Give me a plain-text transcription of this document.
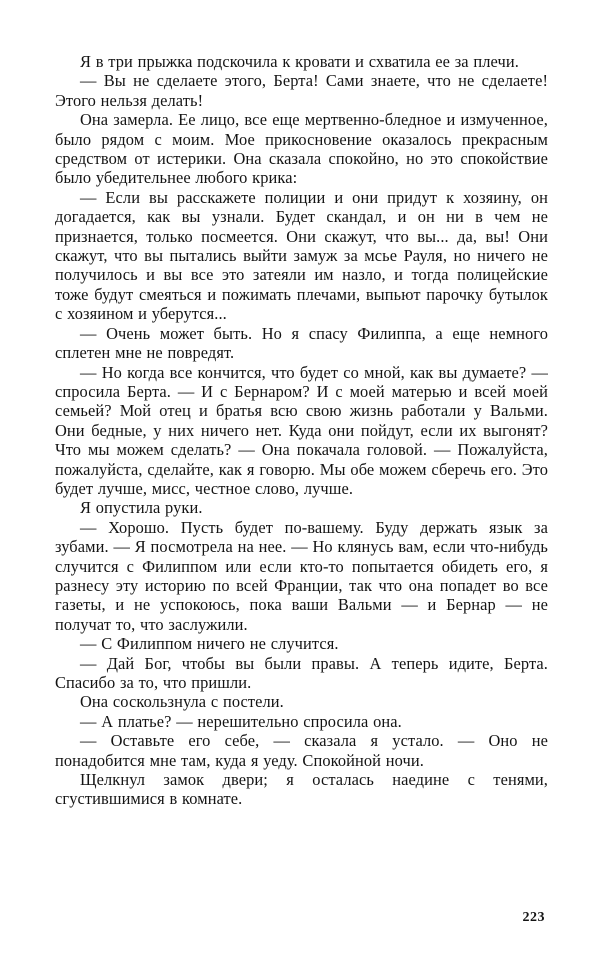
Я в три прыжка подскочила к кровати и схватила ее за плечи.

— Вы не сделаете этого, Берта! Сами знаете, что не сделаете! Этого нельзя делать!

Она замерла. Ее лицо, все еще мертвенно-бледное и измученное, было рядом с моим. Мое прикосновение оказалось прекрасным средством от истерики. Она сказала спокойно, но это спокойствие было убедительнее любого крика:

— Если вы расскажете полиции и они придут к хозяину, он догадается, как вы узнали. Будет скандал, и он ни в чем не признается, только посмеется. Они скажут, что вы... да, вы! Они скажут, что вы пытались выйти замуж за мсье Рауля, но ничего не получилось и вы все это затеяли им назло, и тогда полицейские тоже будут смеяться и пожимать плечами, выпьют парочку бутылок с хозяином и уберутся...

— Очень может быть. Но я спасу Филиппа, а еще немного сплетен мне не повредят.

— Но когда все кончится, что будет со мной, как вы думаете? — спросила Берта. — И с Бернаром? И с моей матерью и всей моей семьей? Мой отец и братья всю свою жизнь работали у Вальми. Они бедные, у них ничего нет. Куда они пойдут, если их выгонят? Что мы можем сделать? — Она покачала головой. — Пожалуйста, пожалуйста, сделайте, как я говорю. Мы обе можем сберечь его. Это будет лучше, мисс, честное слово, лучше.

Я опустила руки.

— Хорошо. Пусть будет по-вашему. Буду держать язык за зубами. — Я посмотрела на нее. — Но клянусь вам, если что-нибудь случится с Филиппом или если кто-то попытается обидеть его, я разнесу эту историю по всей Франции, так что она попадет во все газеты, и не успокоюсь, пока ваши Вальми — и Бернар — не получат то, что заслужили.

— С Филиппом ничего не случится.

— Дай Бог, чтобы вы были правы. А теперь идите, Берта. Спасибо за то, что пришли.

Она соскользнула с постели.

— А платье? — нерешительно спросила она.

— Оставьте его себе, — сказала я устало. — Оно не понадобится мне там, куда я уеду. Спокойной ночи.

Щелкнул замок двери; я осталась наедине с тенями, сгустившимися в комнате.

223
